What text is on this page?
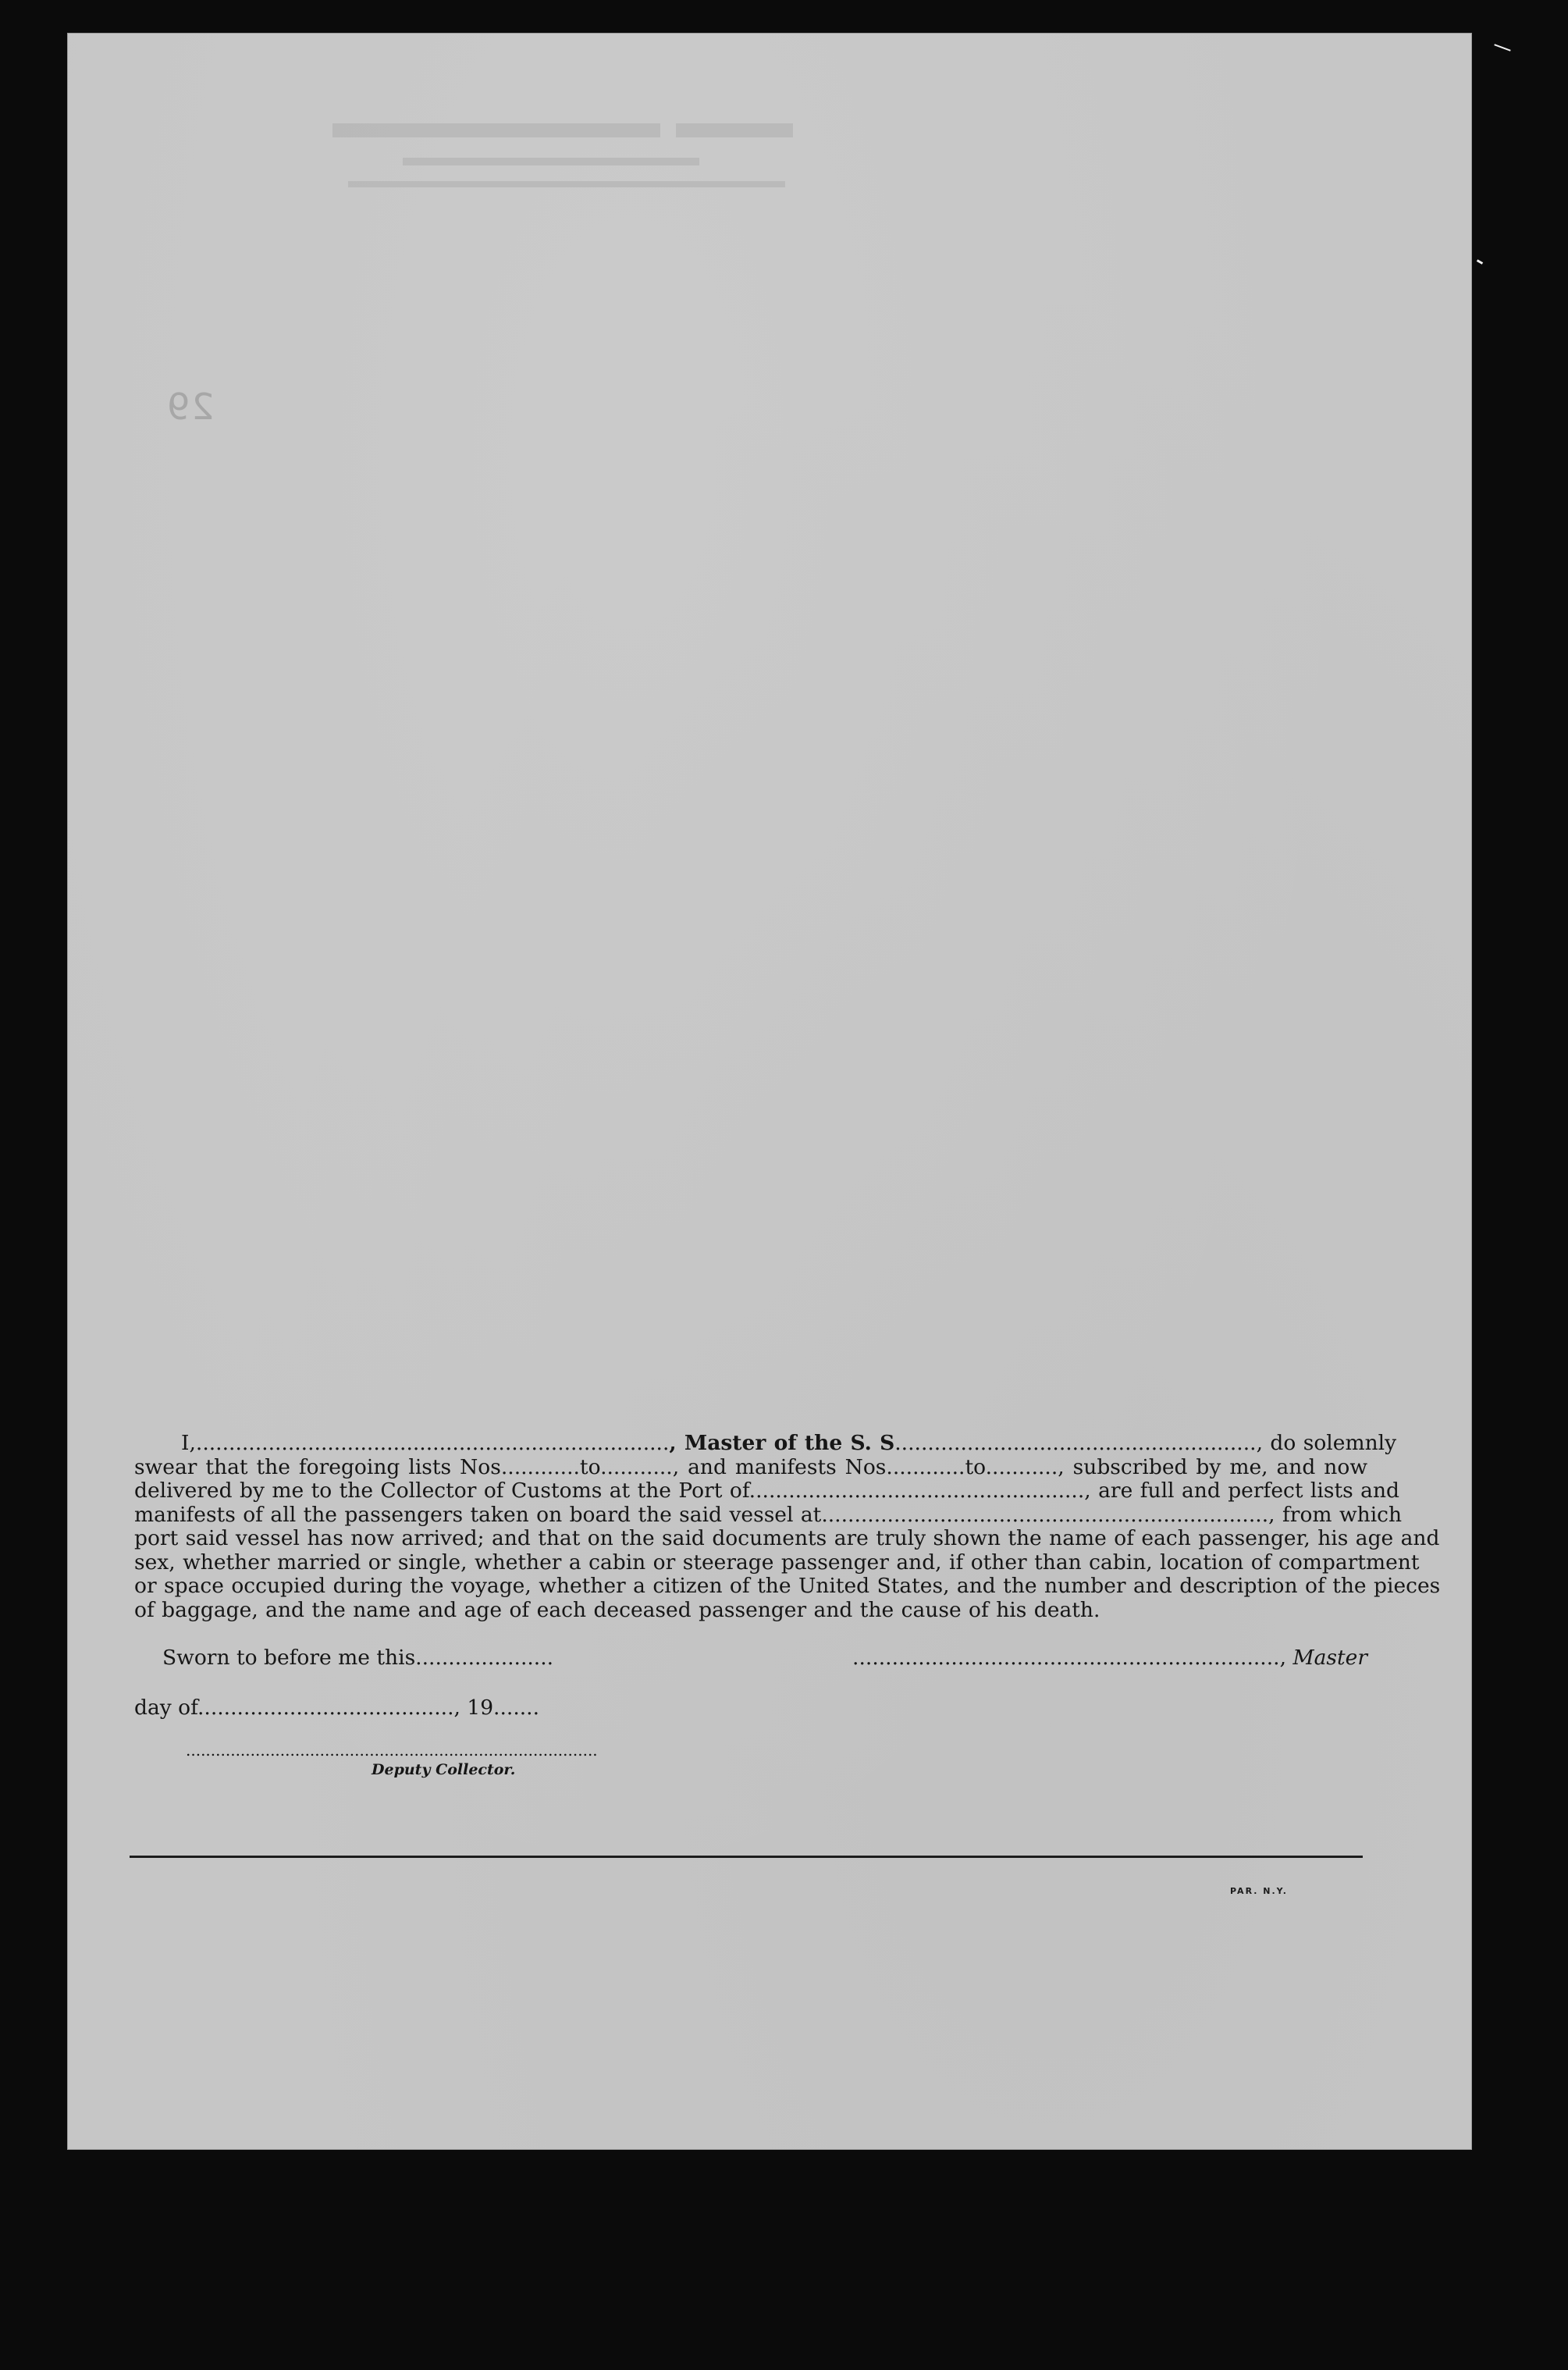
29
I,........................................................................, Master of the S. S......................................................., do solemnly
swear that the foregoing lists Nos............to..........., and manifests Nos............to..........., subscribed by me, and now
delivered by me to the Collector of Customs at the Port of..................................................., are full and perfect lists and
manifests of all the passengers taken on board the said vessel at...................................................................., from which
port said vessel has now arrived; and that on the said documents are truly shown the name of each passenger, his age and
sex, whether married or single, whether a cabin or steerage passenger and, if other than cabin, location of compartment
or space occupied during the voyage, whether a citizen of the United States, and the number and description of the pieces
of baggage, and the name and age of each deceased passenger and the cause of his death.
Sworn to before me this.....................	................................................................., Master
day of......................................., 19.......
...................................................................................
Deputy Collector.
PAR. N.Y.
